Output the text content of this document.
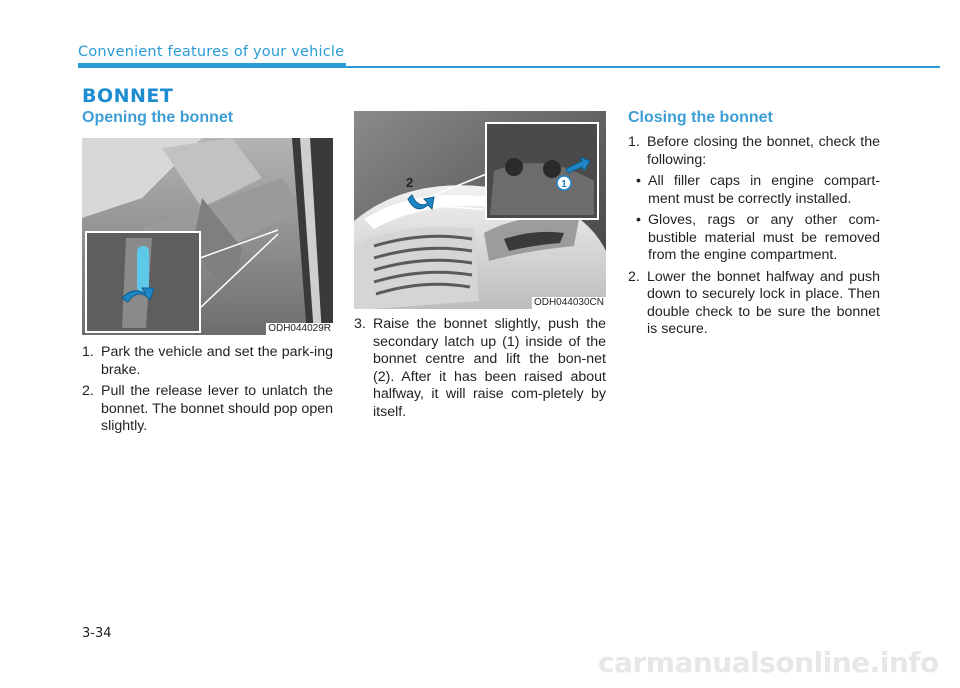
Convenient features of your vehicle
BONNET
Opening the bonnet
ODH044029R
1. Park the vehicle and set the park-ing brake.
2. Pull the release lever to unlatch the bonnet. The bonnet should pop open slightly.
1
2
ODH044030CN
3. Raise the bonnet slightly, push the secondary latch up (1) inside of the bonnet centre and lift the bon-net (2). After it has been raised about halfway, it will raise com-pletely by itself.
Closing the bonnet
1. Before closing the bonnet, check the following:
• All filler caps in engine compart-ment must be correctly installed.
• Gloves, rags or any other com-bustible material must be removed from the engine compartment.
2. Lower the bonnet halfway and push down to securely lock in place. Then double check to be sure the bonnet is secure.
3-34
carmanualsonline.info
